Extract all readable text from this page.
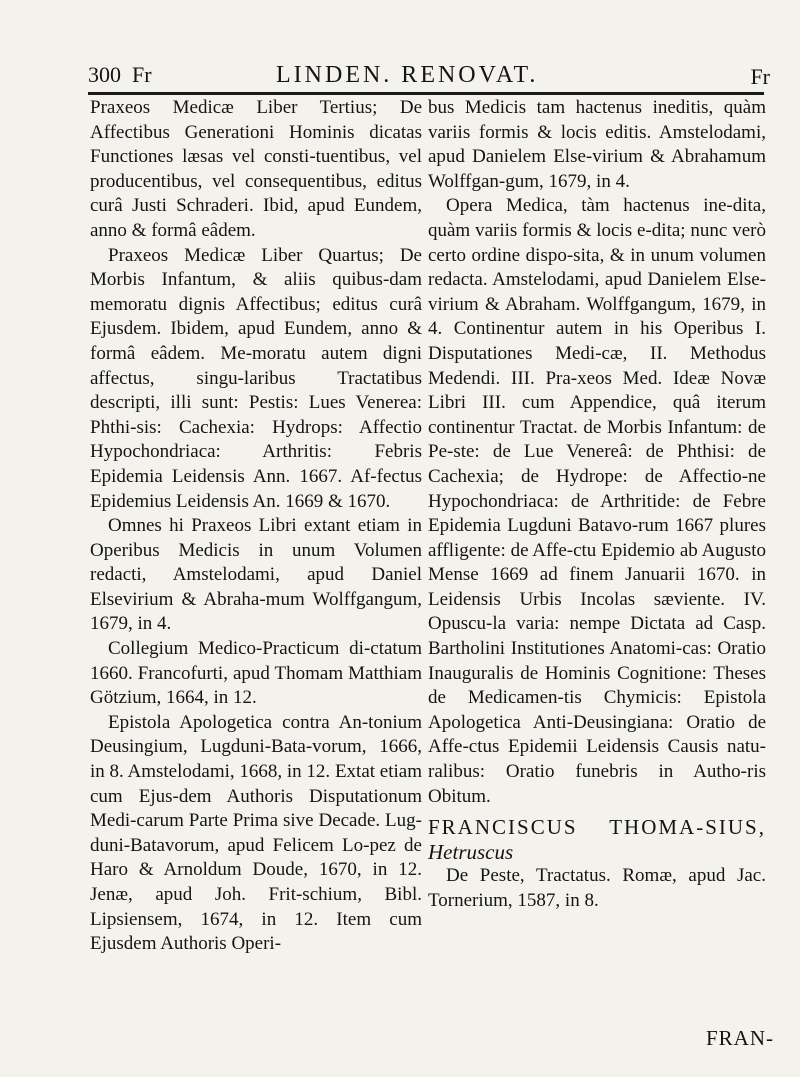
300 Fr	LINDEN. RENOVAT.	Fr

Praxeos Medicæ Liber Tertius; De Affectibus Generationi Hominis dicatas Functiones læsas vel consti-tuentibus, vel producentibus, vel consequentibus, editus curâ Justi Schraderi. Ibid, apud Eundem, anno & formâ eâdem.

Praxeos Medicæ Liber Quartus; De Morbis Infantum, & aliis quibus-dam memoratu dignis Affectibus; editus curâ Ejusdem. Ibidem, apud Eundem, anno & formâ eâdem. Me-moratu autem digni affectus, singu-laribus Tractatibus descripti, illi sunt: Pestis: Lues Venerea: Phthi-sis: Cachexia: Hydrops: Affectio Hypochondriaca: Arthritis: Febris Epidemia Leidensis Ann. 1667. Af-fectus Epidemius Leidensis An. 1669 & 1670.

Omnes hi Praxeos Libri extant etiam in Operibus Medicis in unum Volumen redacti, Amstelodami, apud Daniel Elsevirium & Abraha-mum Wolffgangum, 1679, in 4.

Collegium Medico-Practicum di-ctatum 1660. Francofurti, apud Thomam Matthiam Götzium, 1664, in 12.

Epistola Apologetica contra An-tonium Deusingium, Lugduni-Bata-vorum, 1666, in 8. Amstelodami, 1668, in 12. Extat etiam cum Ejus-dem Authoris Disputationum Medi-carum Parte Prima sive Decade. Lug-duni-Batavorum, apud Felicem Lo-pez de Haro & Arnoldum Doude, 1670, in 12. Jenæ, apud Joh. Frit-schium, Bibl. Lipsiensem, 1674, in 12. Item cum Ejusdem Authoris Operi-

bus Medicis tam hactenus ineditis, quàm variis formis & locis editis. Amstelodami, apud Danielem Else-virium & Abrahamum Wolffgan-gum, 1679, in 4.

Opera Medica, tàm hactenus ine-dita, quàm variis formis & locis e-dita; nunc verò certo ordine dispo-sita, & in unum volumen redacta. Amstelodami, apud Danielem Else-virium & Abraham. Wolffgangum, 1679, in 4. Continentur autem in his Operibus I. Disputationes Medi-cæ, II. Methodus Medendi. III. Pra-xeos Med. Ideæ Novæ Libri III. cum Appendice, quâ iterum continentur Tractat. de Morbis Infantum: de Pe-ste: de Lue Venereâ: de Phthisi: de Cachexia; de Hydrope: de Affectio-ne Hypochondriaca: de Arthritide: de Febre Epidemia Lugduni Batavo-rum 1667 plures affligente: de Affe-ctu Epidemio ab Augusto Mense 1669 ad finem Januarii 1670. in Leidensis Urbis Incolas sæviente. IV. Opuscu-la varia: nempe Dictata ad Casp. Bartholini Institutiones Anatomi-cas: Oratio Inauguralis de Hominis Cognitione: Theses de Medicamen-tis Chymicis: Epistola Apologetica Anti-Deusingiana: Oratio de Affe-ctus Epidemii Leidensis Causis natu-ralibus: Oratio funebris in Autho-ris Obitum.

FRANCISCUS THOMA-SIUS, Hetruscus

De Peste, Tractatus. Romæ, apud Jac. Tornerium, 1587, in 8.

FRAN-
